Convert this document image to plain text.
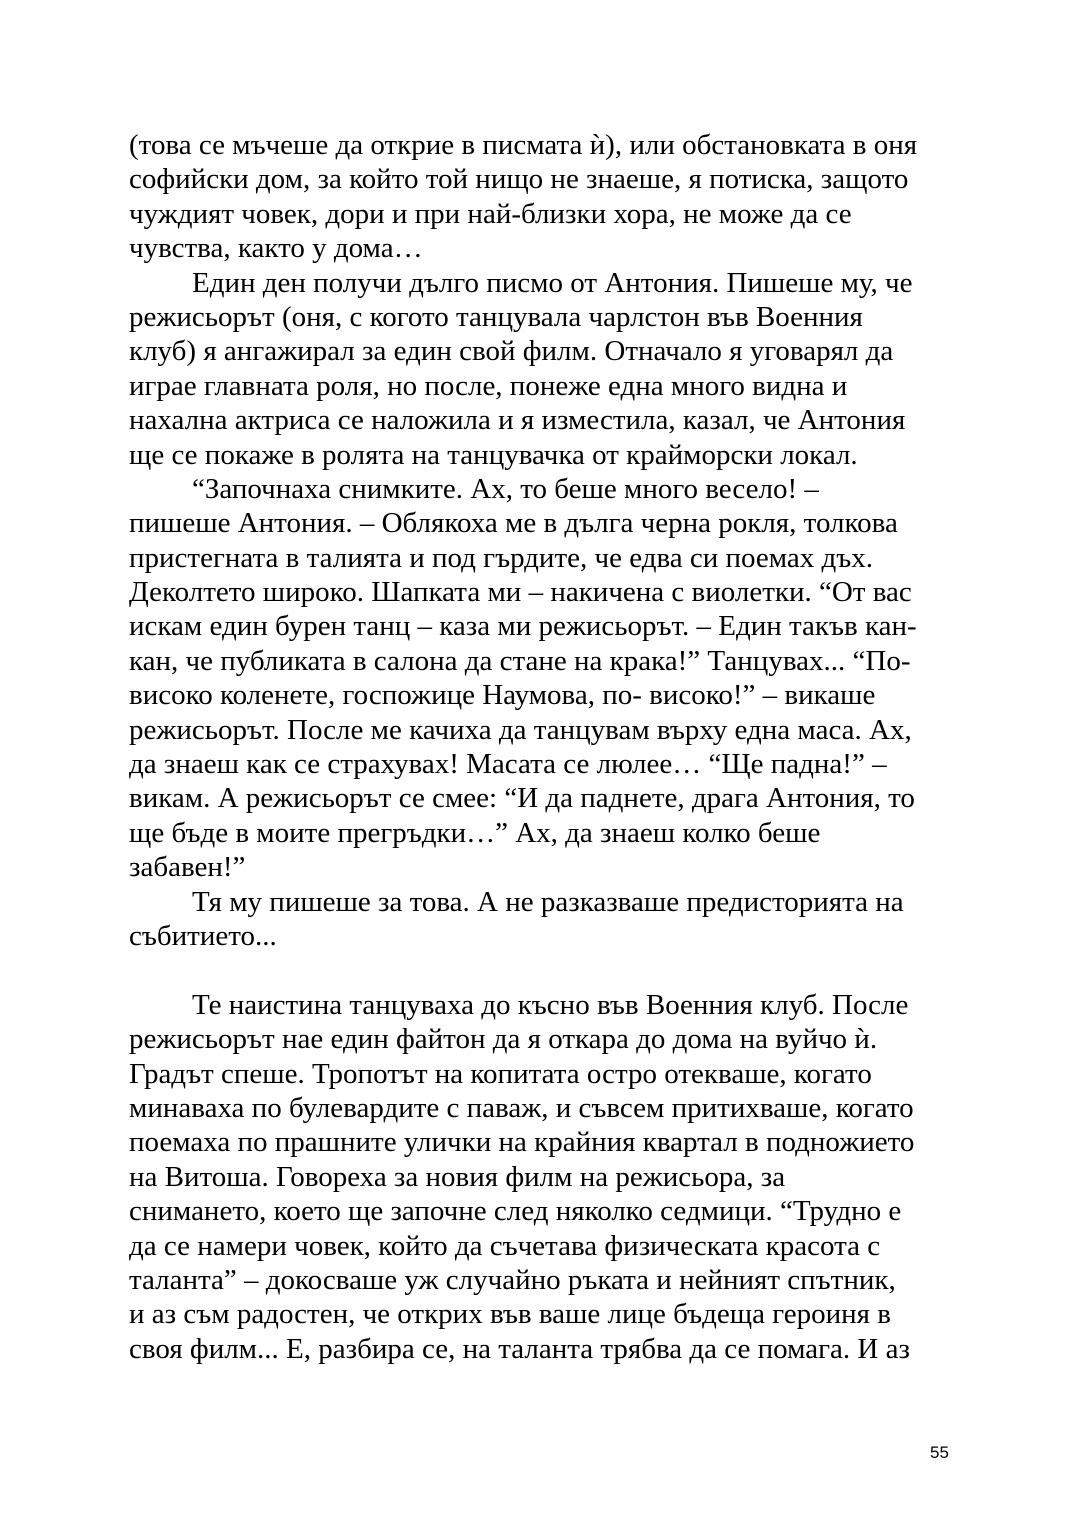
(това се мъчеше да открие в писмата ѝ), или обстановката в оня
софийски дом, за който той нищо не знаеше, я потиска, защото
чуждият човек, дори и при най-близки хора, не може да се
чувства, както у дома…
Един ден получи дълго писмо от Антония. Пишеше му, че
режисьорът (оня, с когото танцувала чарлстон във Военния
клуб) я ангажирал за един свой филм. Отначало я уговарял да
играе главната роля, но после, понеже една много видна и
нахална актриса се наложила и я изместила, казал, че Антония
ще се покаже в ролята на танцувачка от крайморски локал.
“Започнаха снимките. Ах, то беше много весело! –
пишеше Антония. – Облякоха ме в дълга черна рокля, толкова
пристегната в талията и под гърдите, че едва си поемах дъх.
Деколтето широко. Шапката ми – накичена с виолетки. “От вас
искам един бурен танц – каза ми режисьорът. – Един такъв кан-
кан, че публиката в салона да стане на крака!” Танцувах... “По-
високо коленете, госпожице Наумова, по- високо!” – викаше
режисьорът. После ме качиха да танцувам върху една маса. Ах,
да знаеш как се страхувах! Масата се люлее… “Ще падна!” –
викам. А режисьорът се смее: “И да паднете, драга Антония, то
ще бъде в моите прегръдки…” Ах, да знаеш колко беше
забавен!”
Тя му пишеше за това. А не разказваше предисторията на
събитието...
Те наистина танцуваха до късно във Военния клуб. После
режисьорът нае един файтон да я откара до дома на вуйчо ѝ.
Градът спеше. Тропотът на копитата остро отекваше, когато
минаваха по булевардите с паваж, и съвсем притихваше, когато
поемаха по прашните улички на крайния квартал в подножието
на Витоша. Говореха за новия филм на режисьора, за
снимането, което ще започне след няколко седмици. “Трудно е
да се намери човек, който да съчетава физическата красота с
таланта” – докосваше уж случайно ръката и нейният спътник,
и аз съм радостен, че открих във ваше лице бъдеща героиня в
своя филм... Е, разбира се, на таланта трябва да се помага. И аз
55
